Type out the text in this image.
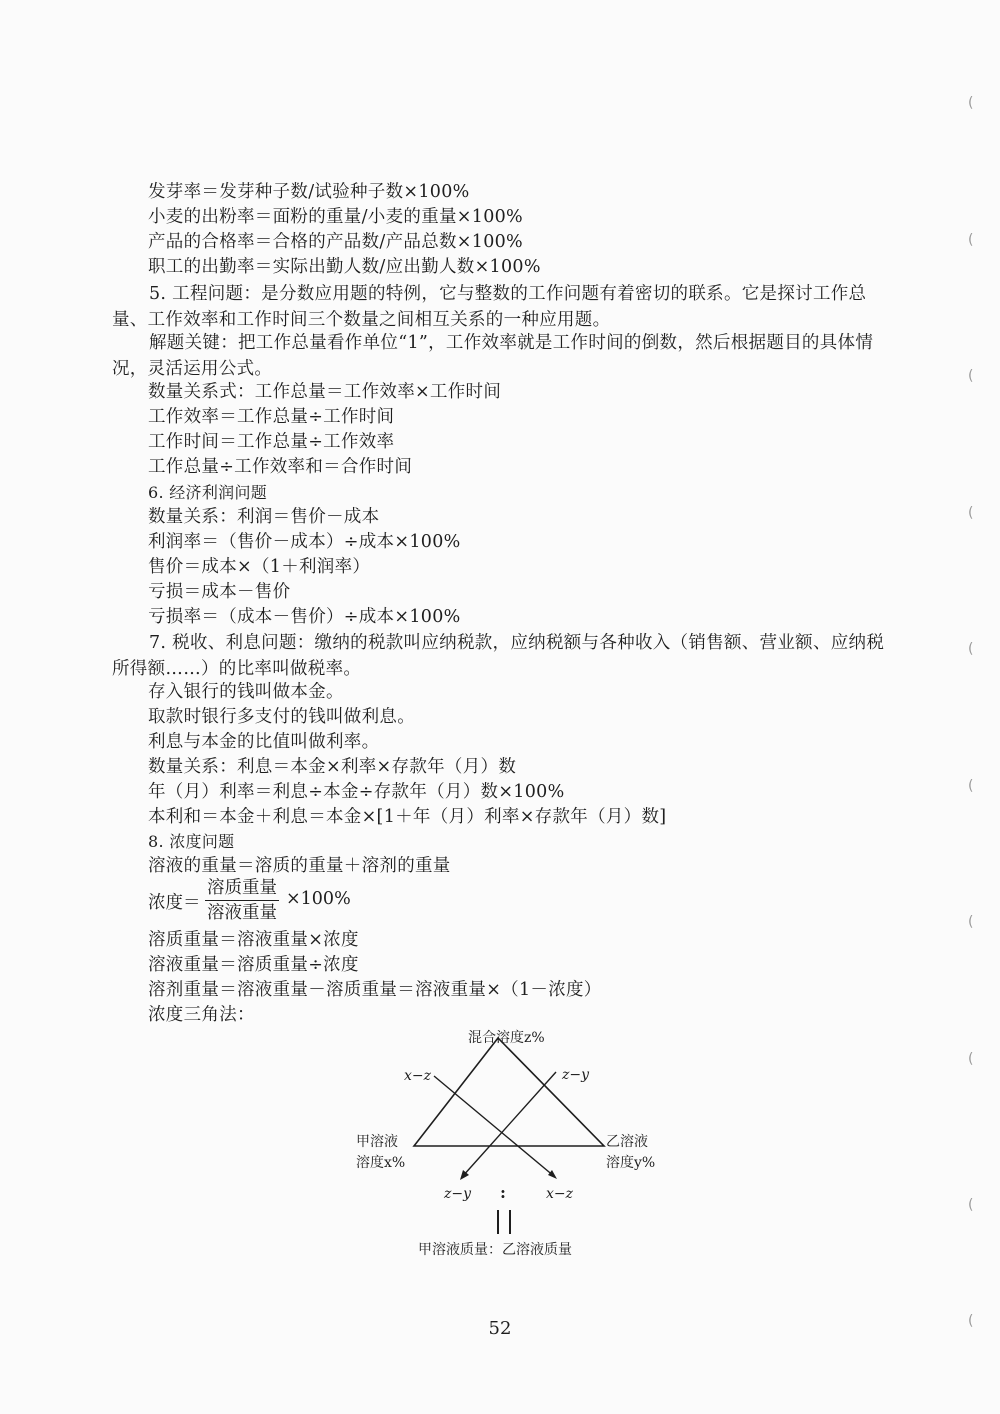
发芽率＝发芽种子数/试验种子数×100%
小麦的出粉率＝面粉的重量/小麦的重量×100%
产品的合格率＝合格的产品数/产品总数×100%
职工的出勤率＝实际出勤人数/应出勤人数×100%
5. 工程问题：是分数应用题的特例，它与整数的工作问题有着密切的联系。它是探讨工作总量、工作效率和工作时间三个数量之间相互关系的一种应用题。
解题关键：把工作总量看作单位“1”，工作效率就是工作时间的倒数，然后根据题目的具体情况，灵活运用公式。
数量关系式：工作总量＝工作效率×工作时间
工作效率＝工作总量÷工作时间
工作时间＝工作总量÷工作效率
工作总量÷工作效率和＝合作时间
6. 经济利润问题
数量关系：利润＝售价－成本
利润率＝（售价－成本）÷成本×100%
售价＝成本×（1＋利润率）
亏损＝成本－售价
亏损率＝（成本－售价）÷成本×100%
7. 税收、利息问题：缴纳的税款叫应纳税款，应纳税额与各种收入（销售额、营业额、应纳税所得额……）的比率叫做税率。
存入银行的钱叫做本金。
取款时银行多支付的钱叫做利息。
利息与本金的比值叫做利率。
数量关系：利息＝本金×利率×存款年（月）数
年（月）利率＝利息÷本金÷存款年（月）数×100%
本利和＝本金＋利息＝本金×[1＋年（月）利率×存款年（月）数]
8. 浓度问题
溶液的重量＝溶质的重量＋溶剂的重量
浓度＝
溶质重量
溶液重量
×100%
溶质重量＝溶液重量×浓度
溶液重量＝溶质重量÷浓度
溶剂重量＝溶液重量－溶质重量＝溶液重量×（1－浓度）
浓度三角法：
混合溶度z%
x−z	z−y
甲溶液
溶度x%
乙溶液
溶度y%
z−y :	x−z
甲溶液质量：乙溶液质量
52
(
(
(
(
(
(
(
(
(
(
